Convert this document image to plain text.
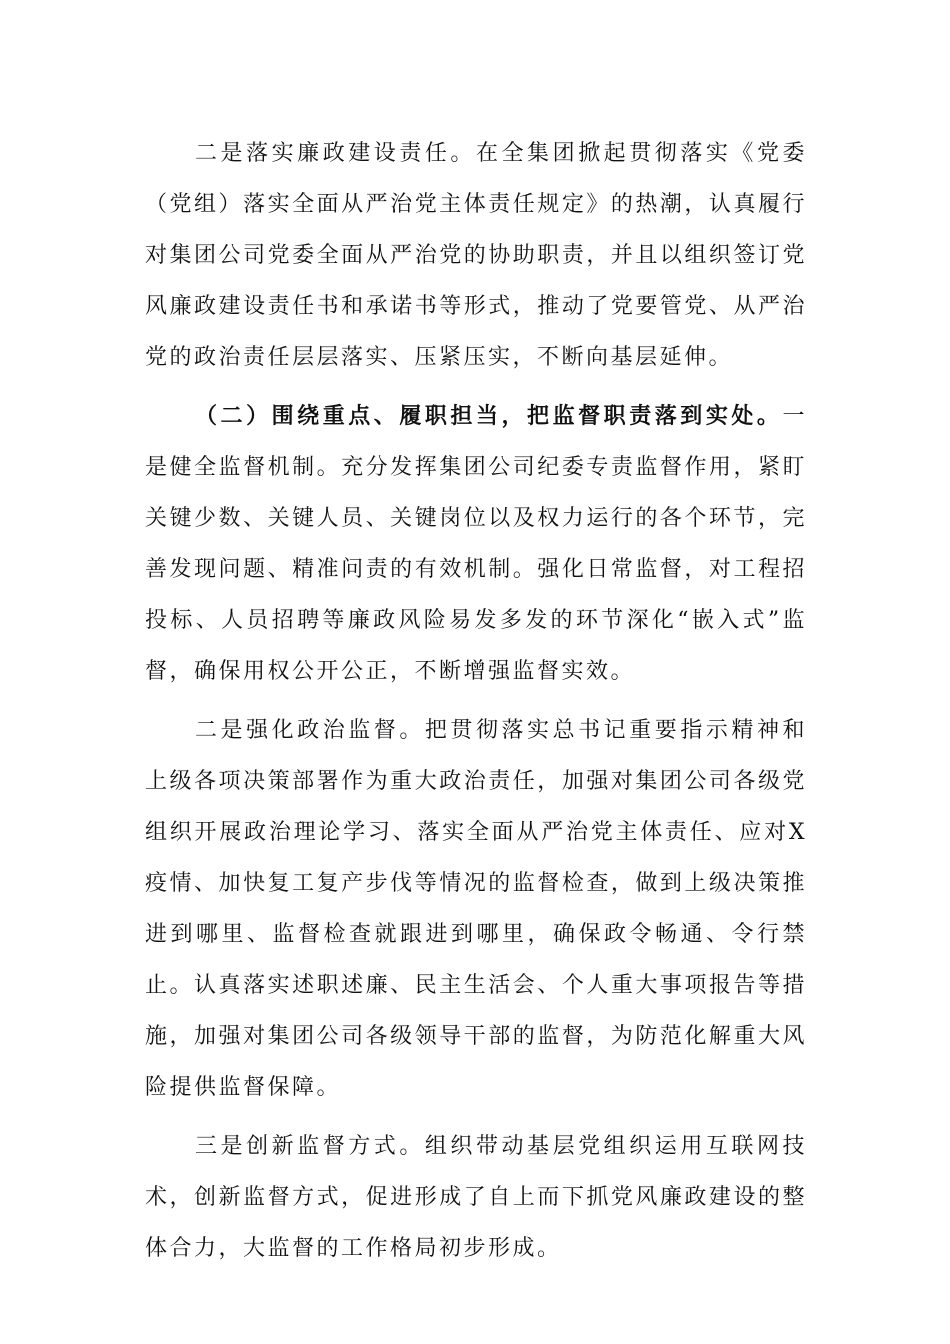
二是落实廉政建设责任。在全集团掀起贯彻落实《党委（党组）落实全面从严治党主体责任规定》的热潮，认真履行对集团公司党委全面从严治党的协助职责，并且以组织签订党风廉政建设责任书和承诺书等形式，推动了党要管党、从严治党的政治责任层层落实、压紧压实，不断向基层延伸。

（二）围绕重点、履职担当，把监督职责落到实处。一是健全监督机制。充分发挥集团公司纪委专责监督作用，紧盯关键少数、关键人员、关键岗位以及权力运行的各个环节，完善发现问题、精准问责的有效机制。强化日常监督，对工程招投标、人员招聘等廉政风险易发多发的环节深化“嵌入式”监督，确保用权公开公正，不断增强监督实效。

二是强化政治监督。把贯彻落实总书记重要指示精神和上级各项决策部署作为重大政治责任，加强对集团公司各级党组织开展政治理论学习、落实全面从严治党主体责任、应对X疫情、加快复工复产步伐等情况的监督检查，做到上级决策推进到哪里、监督检查就跟进到哪里，确保政令畅通、令行禁止。认真落实述职述廉、民主生活会、个人重大事项报告等措施，加强对集团公司各级领导干部的监督，为防范化解重大风险提供监督保障。

三是创新监督方式。组织带动基层党组织运用互联网技术，创新监督方式，促进形成了自上而下抓党风廉政建设的整体合力，大监督的工作格局初步形成。
